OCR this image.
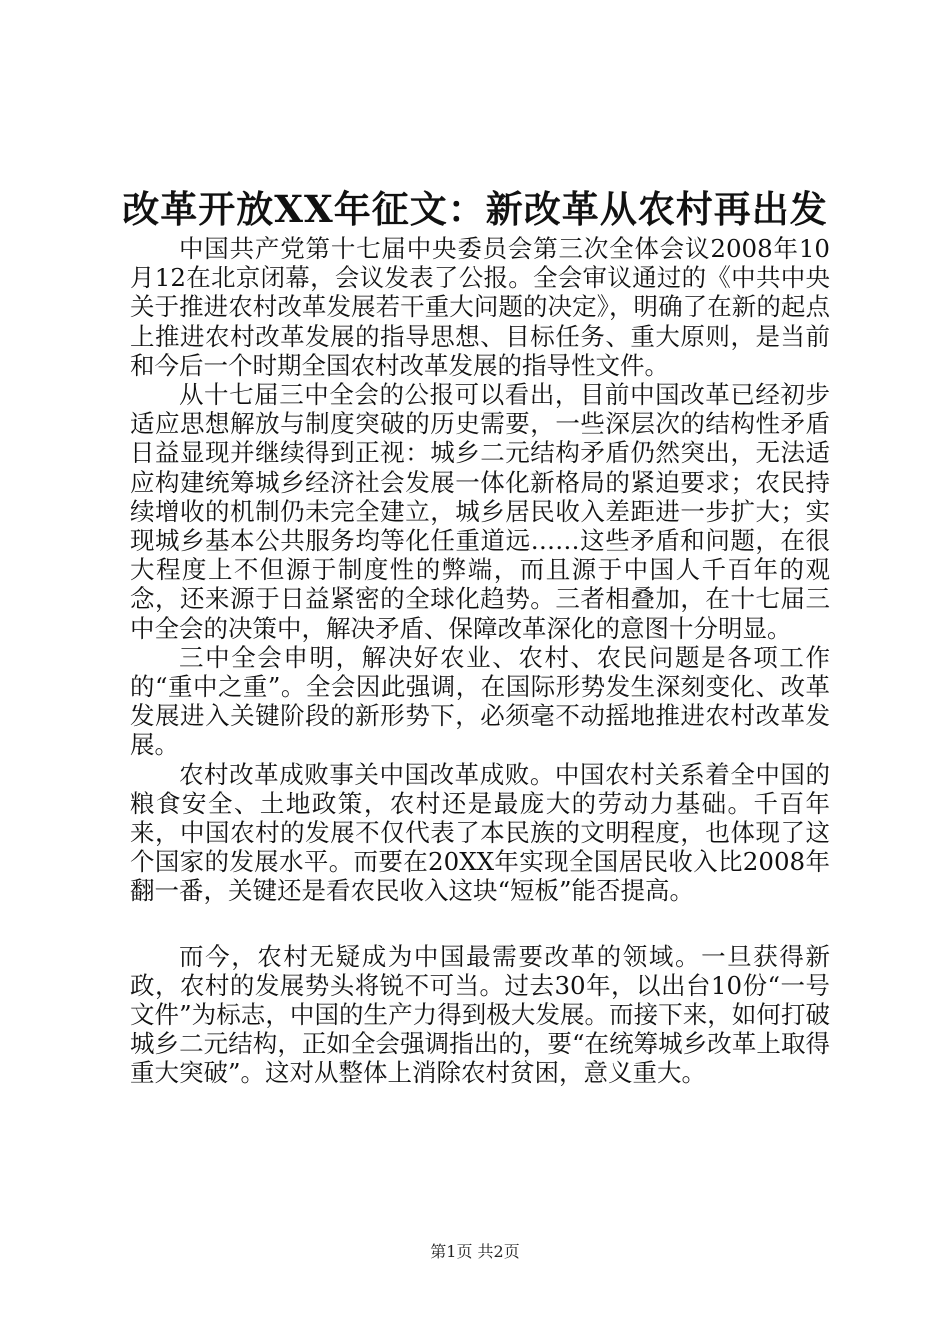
改革开放XX年征文：新改革从农村再出发

中国共产党第十七届中央委员会第三次全体会议2008年10月12在北京闭幕，会议发表了公报。全会审议通过的《中共中央关于推进农村改革发展若干重大问题的决定》，明确了在新的起点上推进农村改革发展的指导思想、目标任务、重大原则，是当前和今后一个时期全国农村改革发展的指导性文件。

从十七届三中全会的公报可以看出，目前中国改革已经初步适应思想解放与制度突破的历史需要，一些深层次的结构性矛盾日益显现并继续得到正视：城乡二元结构矛盾仍然突出，无法适应构建统筹城乡经济社会发展一体化新格局的紧迫要求；农民持续增收的机制仍未完全建立，城乡居民收入差距进一步扩大；实现城乡基本公共服务均等化任重道远……这些矛盾和问题，在很大程度上不但源于制度性的弊端，而且源于中国人千百年的观念，还来源于日益紧密的全球化趋势。三者相叠加，在十七届三中全会的决策中，解决矛盾、保障改革深化的意图十分明显。

三中全会申明，解决好农业、农村、农民问题是各项工作的“重中之重”。全会因此强调，在国际形势发生深刻变化、改革发展进入关键阶段的新形势下，必须毫不动摇地推进农村改革发展。

农村改革成败事关中国改革成败。中国农村关系着全中国的粮食安全、土地政策，农村还是最庞大的劳动力基础。千百年来，中国农村的发展不仅代表了本民族的文明程度，也体现了这个国家的发展水平。而要在20XX年实现全国居民收入比2008年翻一番，关键还是看农民收入这块“短板”能否提高。

而今，农村无疑成为中国最需要改革的领域。一旦获得新政，农村的发展势头将锐不可当。过去30年，以出台10份“一号文件”为标志，中国的生产力得到极大发展。而接下来，如何打破城乡二元结构，正如全会强调指出的，要“在统筹城乡改革上取得重大突破”。这对从整体上消除农村贫困，意义重大。

第1页 共2页
